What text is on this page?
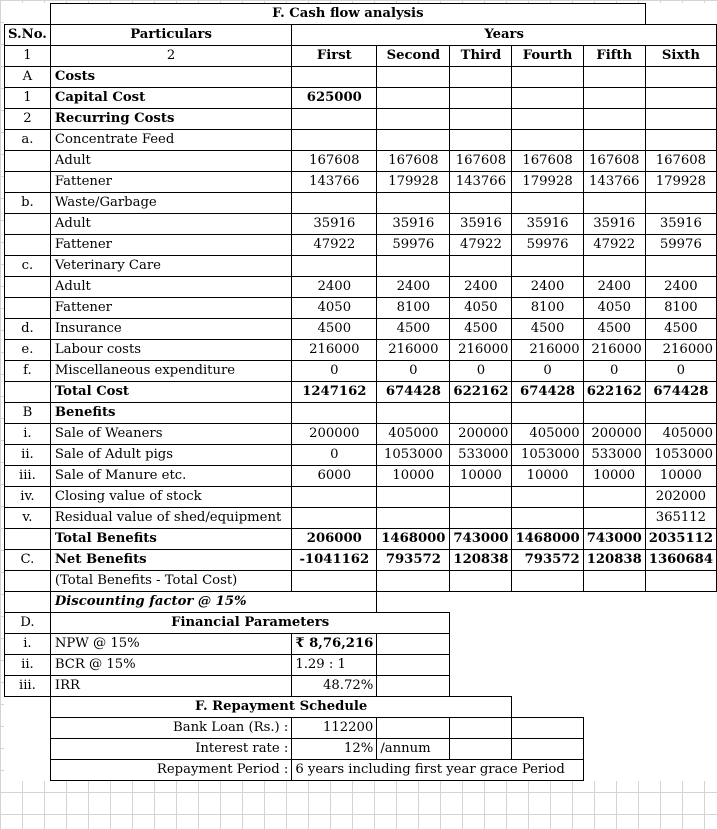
	F. Cash flow analysis						
S.No.	Particulars	Years					
1	2	First	Second	Third	Fourth	Fifth	Sixth
A	Costs						
1	Capital Cost	625000					
2	Recurring Costs						
a.	Concentrate Feed						
	Adult	167608	167608	167608	167608	167608	167608
	Fattener	143766	179928	143766	179928	143766	179928
b.	Waste/Garbage						
	Adult	35916	35916	35916	35916	35916	35916
	Fattener	47922	59976	47922	59976	47922	59976
c.	Veterinary Care						
	Adult	2400	2400	2400	2400	2400	2400
	Fattener	4050	8100	4050	8100	4050	8100
d.	Insurance	4500	4500	4500	4500	4500	4500
e.	Labour costs	216000	216000	216000	216000	216000	216000
f.	Miscellaneous expenditure	0	0	0	0	0	0
	Total Cost	1247162	674428	622162	674428	622162	674428
B	Benefits						
i.	Sale of Weaners	200000	405000	200000	405000	200000	405000
ii.	Sale of Adult pigs	0	1053000	533000	1053000	533000	1053000
iii.	Sale of Manure etc.	6000	10000	10000	10000	10000	10000
iv.	Closing value of stock						202000
v.	Residual value of shed/equipment						365112
	Total Benefits	206000	1468000	743000	1468000	743000	2035112
C.	Net Benefits	-1041162	793572	120838	793572	120838	1360684
	(Total Benefits - Total Cost)						
	Discounting factor @ 15%						
D.	Financial Parameters						
i.	NPW @ 15%	₹ 8,76,216					
ii.	BCR @ 15%	1.29 : 1					
iii.	IRR	48.72%					
	F. Repayment Schedule						
	Bank Loan (Rs.) :	112200					
	Interest rate :	12%	/annum				
	Repayment Period :	6 years including first year grace Period					
